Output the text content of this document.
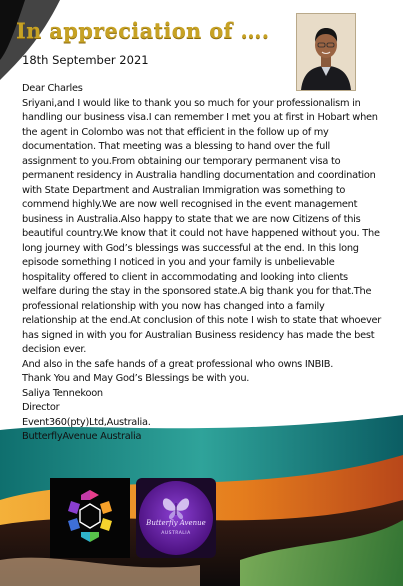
In appreciation of ….
18th September 2021
Dear Charles

Sriyani,and I would like to thank you so much for your professionalism in handling our business visa.I can remember I met you at first in Hobart when the agent in Colombo was not that efficient in the follow up of my documentation. That meeting was a blessing to hand over the full assignment to you.From obtaining our temporary permanent visa to permanent residency in Australia handling documentation and coordination with State Department and Australian Immigration was something to commend highly.We are now well recognised in the event management business in Australia.Also happy to state that we are now Citizens of this beautiful country.We know that it could not have happened without you. The long journey with God’s blessings was successful at the end. In this long episode something I noticed in you and your family is unbelievable hospitality offered to client in accommodating and looking into clients welfare during the stay in the sponsored state.A big thank you for that.The professional relationship with you now has changed into a family relationship at the end.At conclusion of this note I wish to state that whoever has signed in with you for Australian Business residency has made the best decision ever.

And also in the safe hands of a great professional who owns INBIB.
Thank You and May God’s Blessings be with you.
Saliya Tennekoon
Director
Event360(pty)Ltd,Australia.
ButterflyAvenue Australia
Butterfly Avenue
AUSTRALIA
